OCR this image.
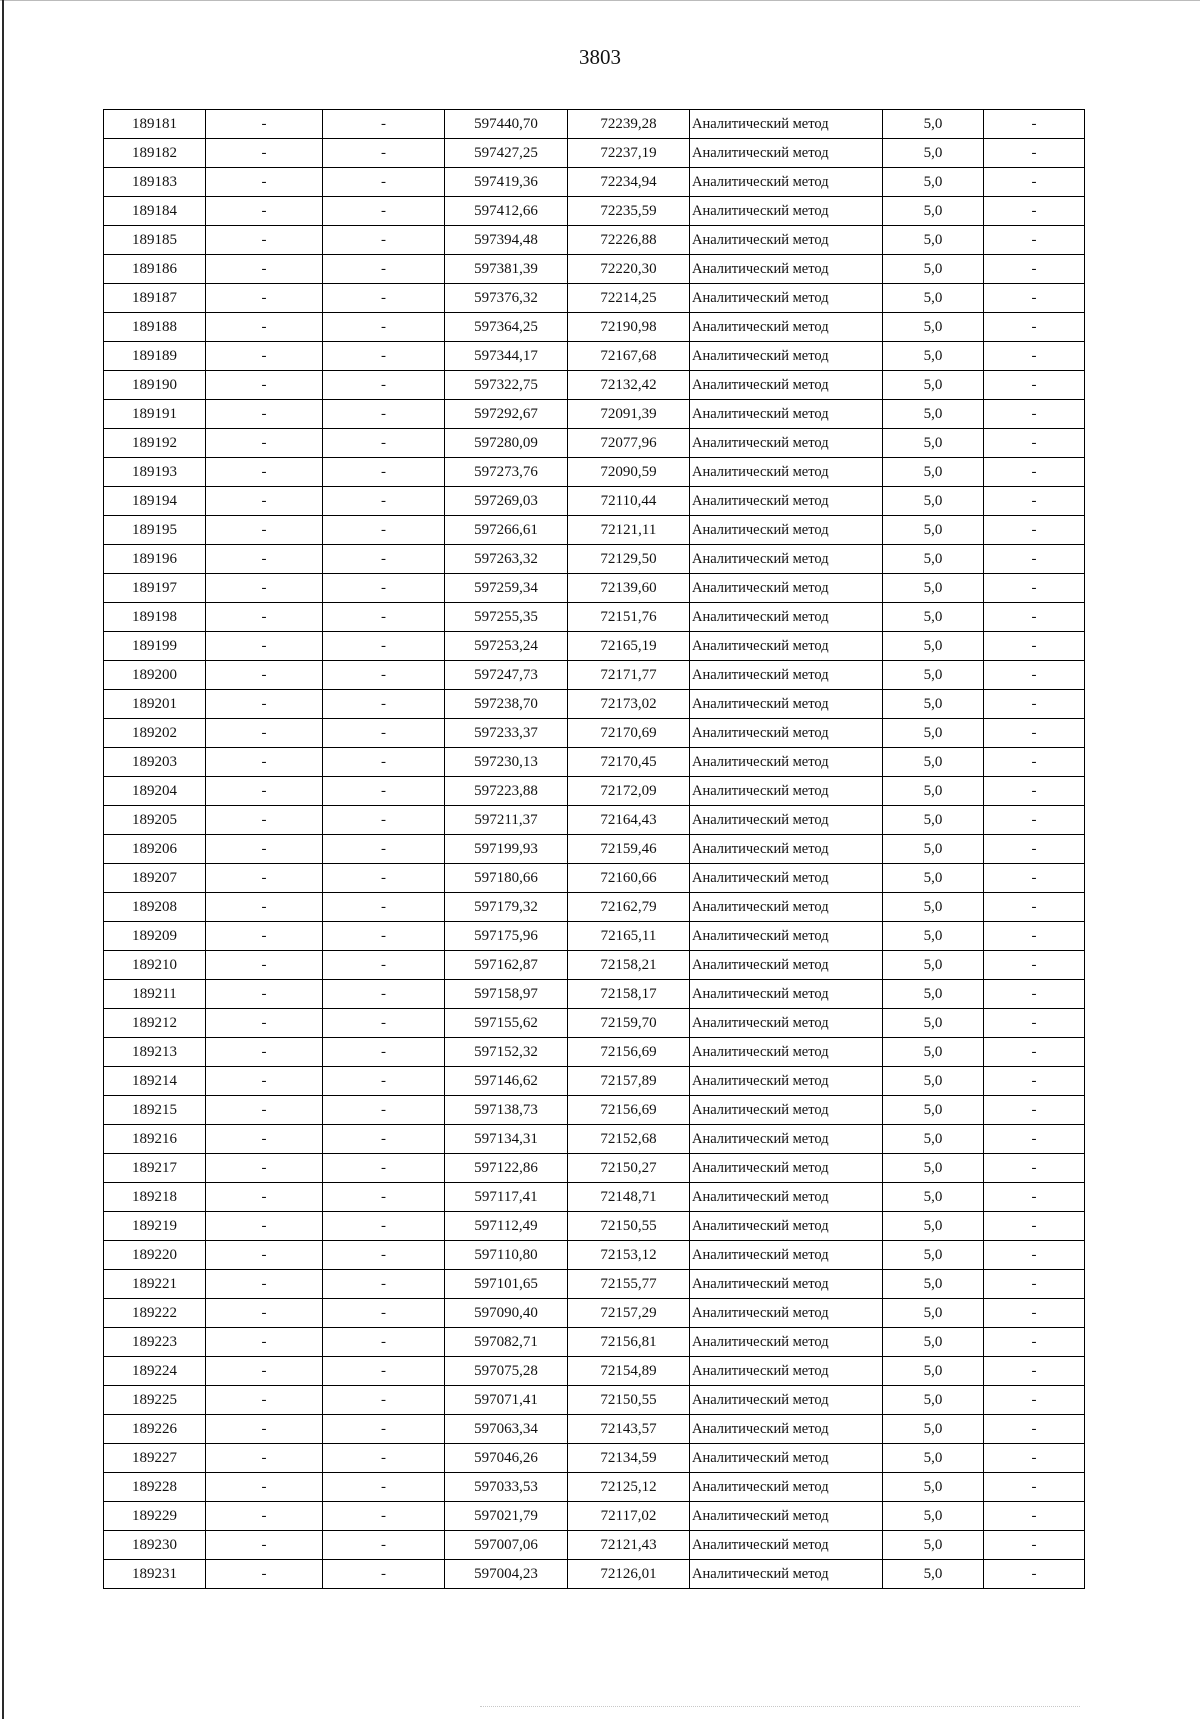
3803
189181	-	-	597440,70	72239,28	Аналитический метод	5,0	-
189182	-	-	597427,25	72237,19	Аналитический метод	5,0	-
189183	-	-	597419,36	72234,94	Аналитический метод	5,0	-
189184	-	-	597412,66	72235,59	Аналитический метод	5,0	-
189185	-	-	597394,48	72226,88	Аналитический метод	5,0	-
189186	-	-	597381,39	72220,30	Аналитический метод	5,0	-
189187	-	-	597376,32	72214,25	Аналитический метод	5,0	-
189188	-	-	597364,25	72190,98	Аналитический метод	5,0	-
189189	-	-	597344,17	72167,68	Аналитический метод	5,0	-
189190	-	-	597322,75	72132,42	Аналитический метод	5,0	-
189191	-	-	597292,67	72091,39	Аналитический метод	5,0	-
189192	-	-	597280,09	72077,96	Аналитический метод	5,0	-
189193	-	-	597273,76	72090,59	Аналитический метод	5,0	-
189194	-	-	597269,03	72110,44	Аналитический метод	5,0	-
189195	-	-	597266,61	72121,11	Аналитический метод	5,0	-
189196	-	-	597263,32	72129,50	Аналитический метод	5,0	-
189197	-	-	597259,34	72139,60	Аналитический метод	5,0	-
189198	-	-	597255,35	72151,76	Аналитический метод	5,0	-
189199	-	-	597253,24	72165,19	Аналитический метод	5,0	-
189200	-	-	597247,73	72171,77	Аналитический метод	5,0	-
189201	-	-	597238,70	72173,02	Аналитический метод	5,0	-
189202	-	-	597233,37	72170,69	Аналитический метод	5,0	-
189203	-	-	597230,13	72170,45	Аналитический метод	5,0	-
189204	-	-	597223,88	72172,09	Аналитический метод	5,0	-
189205	-	-	597211,37	72164,43	Аналитический метод	5,0	-
189206	-	-	597199,93	72159,46	Аналитический метод	5,0	-
189207	-	-	597180,66	72160,66	Аналитический метод	5,0	-
189208	-	-	597179,32	72162,79	Аналитический метод	5,0	-
189209	-	-	597175,96	72165,11	Аналитический метод	5,0	-
189210	-	-	597162,87	72158,21	Аналитический метод	5,0	-
189211	-	-	597158,97	72158,17	Аналитический метод	5,0	-
189212	-	-	597155,62	72159,70	Аналитический метод	5,0	-
189213	-	-	597152,32	72156,69	Аналитический метод	5,0	-
189214	-	-	597146,62	72157,89	Аналитический метод	5,0	-
189215	-	-	597138,73	72156,69	Аналитический метод	5,0	-
189216	-	-	597134,31	72152,68	Аналитический метод	5,0	-
189217	-	-	597122,86	72150,27	Аналитический метод	5,0	-
189218	-	-	597117,41	72148,71	Аналитический метод	5,0	-
189219	-	-	597112,49	72150,55	Аналитический метод	5,0	-
189220	-	-	597110,80	72153,12	Аналитический метод	5,0	-
189221	-	-	597101,65	72155,77	Аналитический метод	5,0	-
189222	-	-	597090,40	72157,29	Аналитический метод	5,0	-
189223	-	-	597082,71	72156,81	Аналитический метод	5,0	-
189224	-	-	597075,28	72154,89	Аналитический метод	5,0	-
189225	-	-	597071,41	72150,55	Аналитический метод	5,0	-
189226	-	-	597063,34	72143,57	Аналитический метод	5,0	-
189227	-	-	597046,26	72134,59	Аналитический метод	5,0	-
189228	-	-	597033,53	72125,12	Аналитический метод	5,0	-
189229	-	-	597021,79	72117,02	Аналитический метод	5,0	-
189230	-	-	597007,06	72121,43	Аналитический метод	5,0	-
189231	-	-	597004,23	72126,01	Аналитический метод	5,0	-
